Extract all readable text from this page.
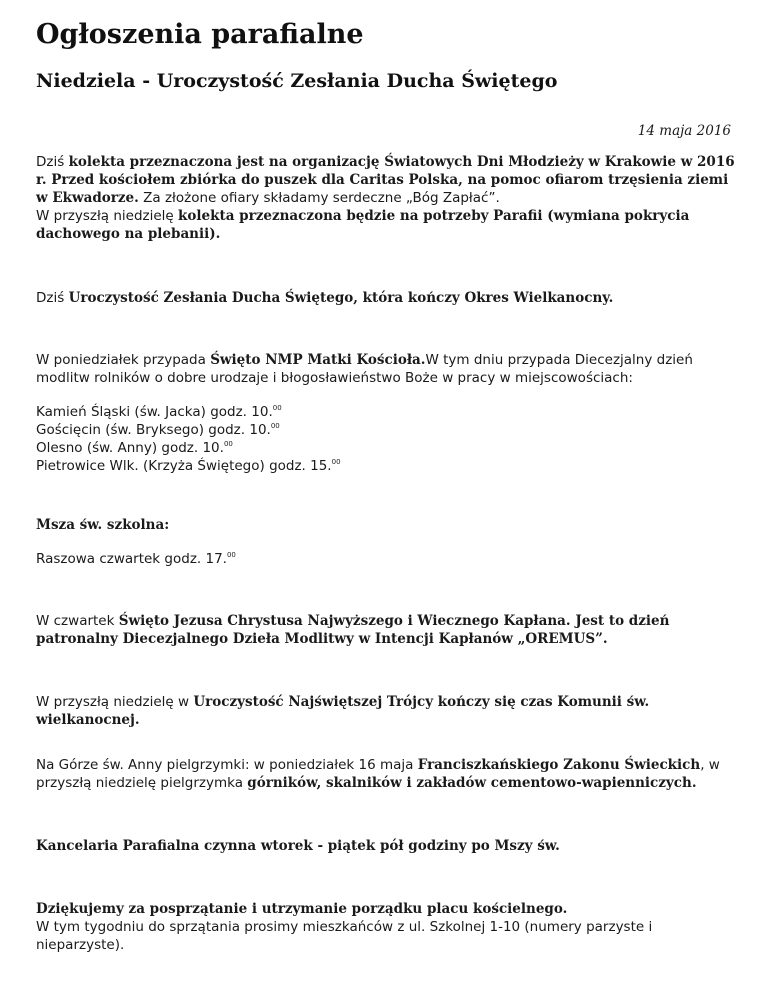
Ogłoszenia parafialne
Niedziela - Uroczystość Zesłania Ducha Świętego
14 maja 2016

Dziś kolekta przeznaczona jest na organizację Światowych Dni Młodzieży w Krakowie w 2016 r. Przed kościołem zbiórka do puszek dla Caritas Polska, na pomoc ofiarom trzęsienia ziemi w Ekwadorze. Za złożone ofiary składamy serdeczne „Bóg Zapłać”.

W przyszłą niedzielę kolekta przeznaczona będzie na potrzeby Parafii (wymiana pokrycia dachowego na plebanii).

Dziś Uroczystość Zesłania Ducha Świętego, która kończy Okres Wielkanocny.

W poniedziałek przypada Święto NMP Matki Kościoła.W tym dniu przypada Diecezjalny dzień modlitw rolników o dobre urodzaje i błogosławieństwo Boże w pracy w miejscowościach:

Kamień Śląski (św. Jacka) godz. 10.00

Gościęcin (św. Bryksego) godz. 10.00

Olesno (św. Anny) godz. 10.00

Pietrowice Wlk. (Krzyża Świętego) godz. 15.00

Msza św. szkolna:

Raszowa czwartek godz. 17.00

W czwartek Święto Jezusa Chrystusa Najwyższego i Wiecznego Kapłana. Jest to dzień patronalny Diecezjalnego Dzieła Modlitwy w Intencji Kapłanów „OREMUS”.

W przyszłą niedzielę w Uroczystość Najświętszej Trójcy kończy się czas Komunii św. wielkanocnej.

Na Górze św. Anny pielgrzymki: w poniedziałek 16 maja Franciszkańskiego Zakonu Świeckich, w przyszłą niedzielę pielgrzymka górników, skalników i zakładów cementowo-wapienniczych.

Kancelaria Parafialna czynna wtorek - piątek pół godziny po Mszy św.

Dziękujemy za posprzątanie i utrzymanie porządku placu kościelnego.

W tym tygodniu do sprzątania prosimy mieszkańców z ul. Szkolnej 1-10 (numery parzyste i nieparzyste).
